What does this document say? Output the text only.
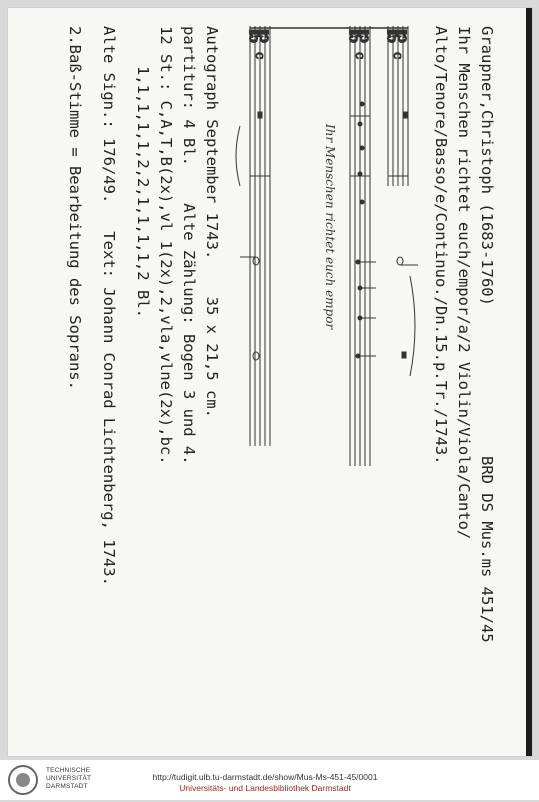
Graupner,Christoph (1683-1760)
BRD DS Mus.ms 451/45
Ihr Menschen richtet euch/empor/a/2 Violin/Viola/Canto/
Alto/Tenore/Basso/e/Continuo./Dn.15.p.Tr./1743.
𝄡
𝄡
𝄡
c
c
c
Ihr Menschen richtet euch empor
Autograph September 1743.    35 x 21,5 cm.
partitur: 4 Bl.    Alte Zählung: Bogen 3 und 4.
12 St.: C,A,T,B(2x),vl 1(2x),2,vla,vlne(2x),bc.
1,1,1,1,1,2,2,1,1,1,1,2 Bl.
Alte Sign.: 176/49.   Text: Johann Conrad Lichtenberg, 1743.
2.Baß-Stimme = Bearbeitung des Soprans.
TECHNISCHE
UNIVERSITÄT
DARMSTADT
http://tudigit.ulb.tu-darmstadt.de/show/Mus-Ms-451-45/0001
Universitäts- und Landesbibliothek Darmstadt
